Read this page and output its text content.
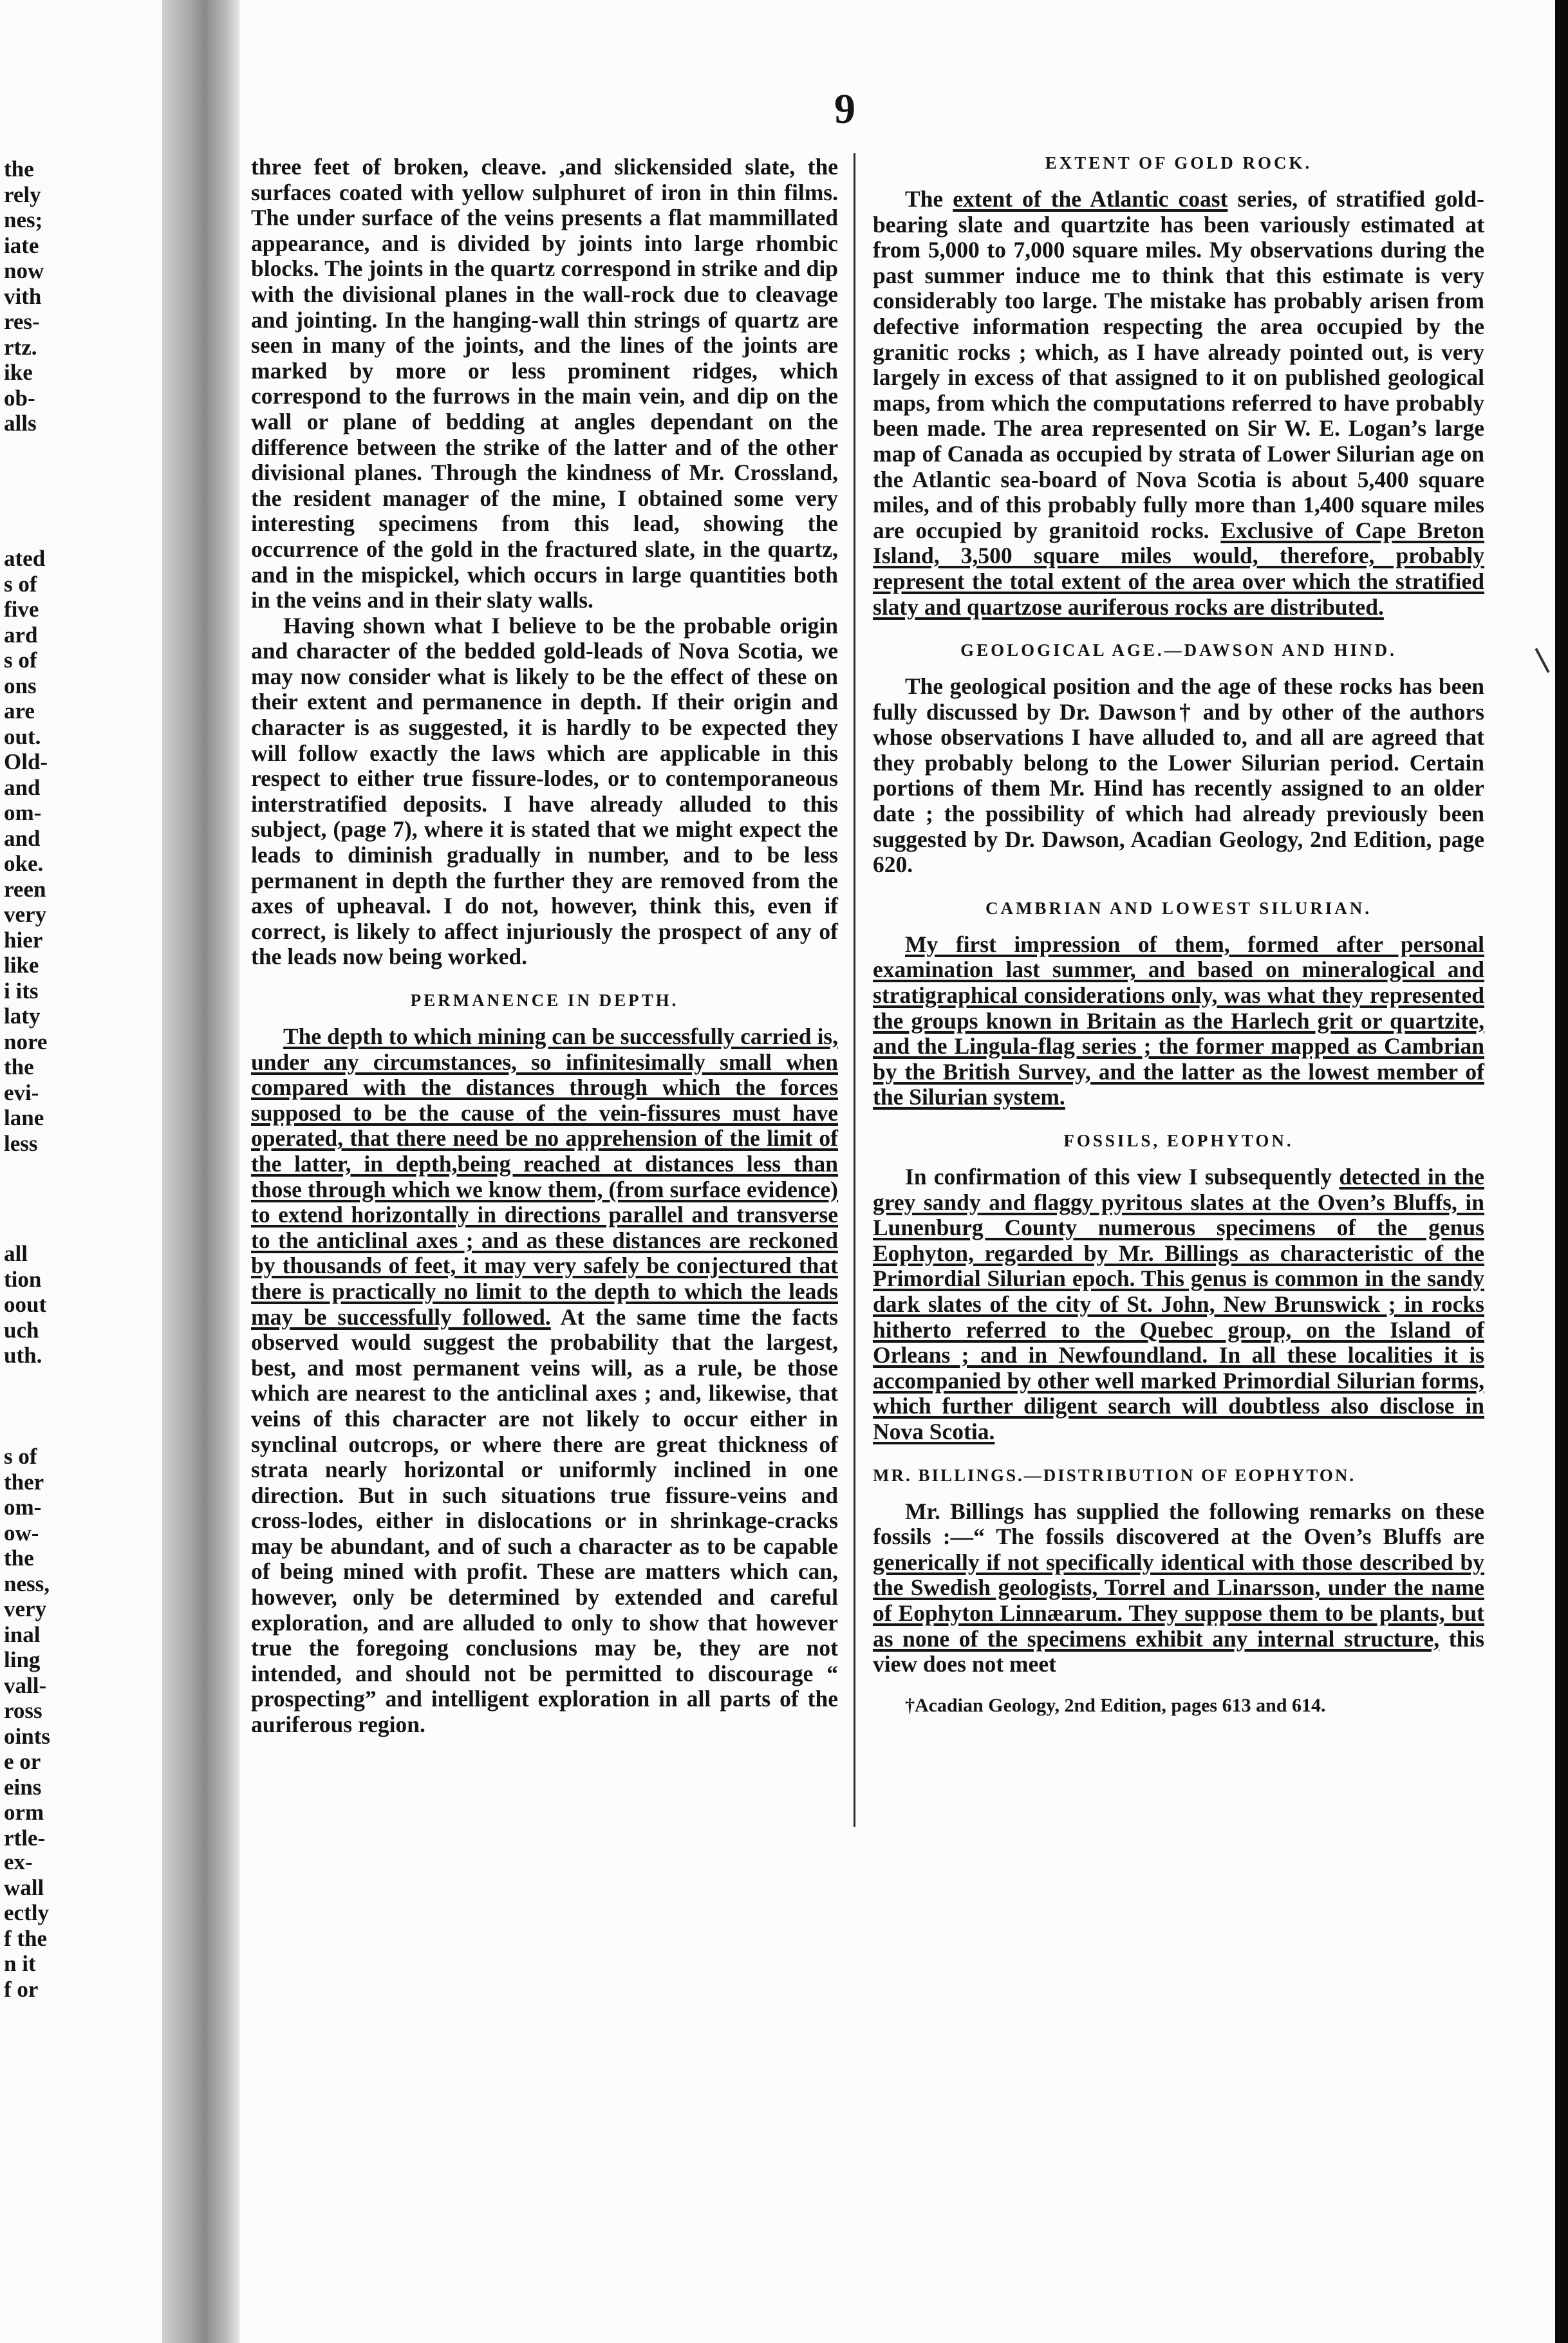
the
rely
nes;
iate
now
vith
res-
rtz.
ike
ob-
alls
ated
s of
five
ard
s of
ons
are
out.
Old-
and
om-
and
oke.
reen
very
hier
like
i its
laty
nore
the
evi-
lane
less
all
tion
oout
uch
uth.
s of
ther
om-
ow-
the
ness,
very
inal
ling
vall-
ross
oints
e or
eins
orm
rtle-
ex-
wall
ectly
f the
n it
f or
9

three feet of broken, cleave. ,and slickensided slate, the surfaces coated with yellow sulphuret of iron in thin films. The under surface of the veins presents a flat mammillated appearance, and is divided by joints into large rhombic blocks. The joints in the quartz correspond in strike and dip with the divisional planes in the wall-rock due to cleavage and jointing. In the hanging-wall thin strings of quartz are seen in many of the joints, and the lines of the joints are marked by more or less prominent ridges, which correspond to the furrows in the main vein, and dip on the wall or plane of bedding at angles dependant on the difference between the strike of the latter and of the other divisional planes. Through the kindness of Mr. Crossland, the resident manager of the mine, I obtained some very interesting specimens from this lead, showing the occurrence of the gold in the fractured slate, in the quartz, and in the mispickel, which occurs in large quantities both in the veins and in their slaty walls.

Having shown what I believe to be the probable origin and character of the bedded gold-leads of Nova Scotia, we may now consider what is likely to be the effect of these on their extent and permanence in depth. If their origin and character is as suggested, it is hardly to be expected they will follow exactly the laws which are applicable in this respect to either true fissure-lodes, or to contemporaneous interstratified deposits. I have already alluded to this subject, (page 7), where it is stated that we might expect the leads to diminish gradually in number, and to be less permanent in depth the further they are removed from the axes of upheaval. I do not, however, think this, even if correct, is likely to affect injuriously the prospect of any of the leads now being worked.

PERMANENCE IN DEPTH.

The depth to which mining can be successfully carried is, under any circumstances, so infinitesimally small when compared with the distances through which the forces supposed to be the cause of the vein-fissures must have operated, that there need be no apprehension of the limit of the latter, in depth,being reached at distances less than those through which we know them, (from surface evidence) to extend horizontally in directions parallel and transverse to the anticlinal axes ; and as these distances are reckoned by thousands of feet, it may very safely be conjectured that there is practically no limit to the depth to which the leads may be successfully followed. At the same time the facts observed would suggest the probability that the largest, best, and most permanent veins will, as a rule, be those which are nearest to the anticlinal axes ; and, likewise, that veins of this character are not likely to occur either in synclinal outcrops, or where there are great thickness of strata nearly horizontal or uniformly inclined in one direction. But in such situations true fissure-veins and cross-lodes, either in dislocations or in shrinkage-cracks may be abundant, and of such a character as to be capable of being mined with profit. These are matters which can, however, only be determined by extended and careful exploration, and are alluded to only to show that however true the foregoing conclusions may be, they are not intended, and should not be permitted to discourage “ prospecting” and intelligent exploration in all parts of the auriferous region.

EXTENT OF GOLD ROCK.

The extent of the Atlantic coast series, of stratified gold-bearing slate and quartzite has been variously estimated at from 5,000 to 7,000 square miles. My observations during the past summer induce me to think that this estimate is very considerably too large. The mistake has probably arisen from defective information respecting the area occupied by the granitic rocks ; which, as I have already pointed out, is very largely in excess of that assigned to it on published geological maps, from which the computations referred to have probably been made. The area represented on Sir W. E. Logan’s large map of Canada as occupied by strata of Lower Silurian age on the Atlantic sea-board of Nova Scotia is about 5,400 square miles, and of this probably fully more than 1,400 square miles are occupied by granitoid rocks. Exclusive of Cape Breton Island, 3,500 square miles would, therefore, probably represent the total extent of the area over which the stratified slaty and quartzose auriferous rocks are distributed.

GEOLOGICAL AGE.—DAWSON AND HIND.

The geological position and the age of these rocks has been fully discussed by Dr. Dawson† and by other of the authors whose observations I have alluded to, and all are agreed that they probably belong to the Lower Silurian period. Certain portions of them Mr. Hind has recently assigned to an older date ; the possibility of which had already previously been suggested by Dr. Dawson, Acadian Geology, 2nd Edition, page 620.

CAMBRIAN AND LOWEST SILURIAN.

My first impression of them, formed after personal examination last summer, and based on mineralogical and stratigraphical considerations only, was what they represented the groups known in Britain as the Harlech grit or quartzite, and the Lingula-flag series ; the former mapped as Cambrian by the British Survey, and the latter as the lowest member of the Silurian system.

FOSSILS, EOPHYTON.

In confirmation of this view I subsequently detected in the grey sandy and flaggy pyritous slates at the Oven’s Bluffs, in Lunenburg County numerous specimens of the genus Eophyton, regarded by Mr. Billings as characteristic of the Primordial Silurian epoch. This genus is common in the sandy dark slates of the city of St. John, New Brunswick ; in rocks hitherto referred to the Quebec group, on the Island of Orleans ; and in Newfoundland. In all these localities it is accompanied by other well marked Primordial Silurian forms, which further diligent search will doubtless also disclose in Nova Scotia.

MR. BILLINGS.—DISTRIBUTION OF EOPHYTON.

Mr. Billings has supplied the following remarks on these fossils :—“ The fossils discovered at the Oven’s Bluffs are generically if not specifically identical with those described by the Swedish geologists, Torrel and Linarsson, under the name of Eophyton Linnæarum. They suppose them to be plants, but as none of the specimens exhibit any internal structure, this view does not meet

†Acadian Geology, 2nd Edition, pages 613 and 614.
